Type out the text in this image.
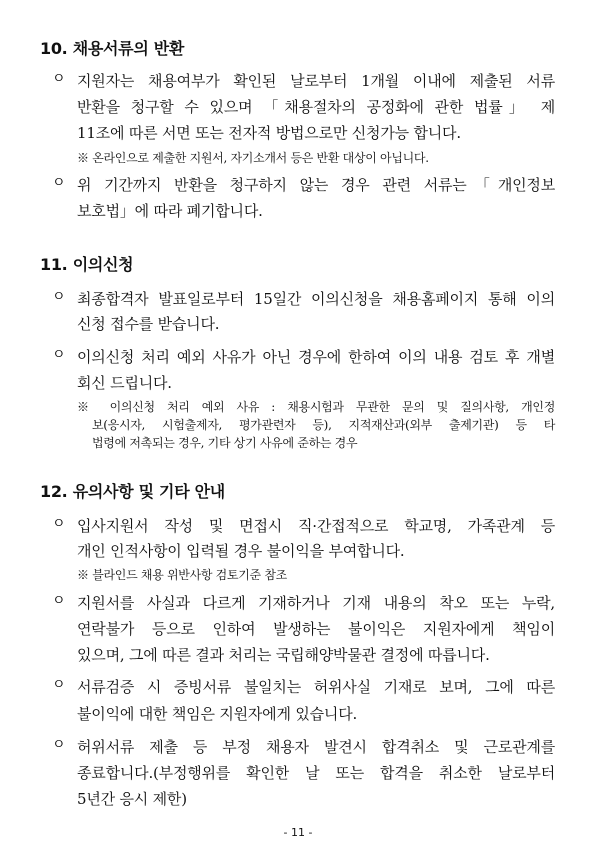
10. 채용서류의 반환
ㅇ 지원자는 채용여부가 확인된 날로부터 1개월 이내에 제출된 서류
반환을 청구할 수 있으며 「채용절차의 공정화에 관한 법률」 제
11조에 따른 서면 또는 전자적 방법으로만 신청가능 합니다.
※ 온라인으로 제출한 지원서, 자기소개서 등은 반환 대상이 아닙니다.
ㅇ 위 기간까지 반환을 청구하지 않는 경우 관련 서류는「개인정보
보호법」에 따라 폐기합니다.
11. 이의신청
ㅇ 최종합격자 발표일로부터 15일간 이의신청을 채용홈페이지 통해 이의
신청 접수를 받습니다.
ㅇ 이의신청 처리 예외 사유가 아닌 경우에 한하여 이의 내용 검토 후 개별
회신 드립니다.
※ 이의신청 처리 예외 사유 : 채용시험과 무관한 문의 및 질의사항, 개인정
보(응시자, 시험출제자, 평가관련자 등), 지적재산과(외부 출제기관) 등 타
법령에 저촉되는 경우, 기타 상기 사유에 준하는 경우
12. 유의사항 및 기타 안내
ㅇ 입사지원서 작성 및 면접시 직·간접적으로 학교명, 가족관계 등
개인 인적사항이 입력될 경우 불이익을 부여합니다.
※ 블라인드 채용 위반사항 검토기준 참조
ㅇ 지원서를 사실과 다르게 기재하거나 기재 내용의 착오 또는 누락,
연락불가 등으로 인하여 발생하는 불이익은 지원자에게 책임이
있으며, 그에 따른 결과 처리는 국립해양박물관 결정에 따릅니다.
ㅇ 서류검증 시 증빙서류 불일치는 허위사실 기재로 보며, 그에 따른
불이익에 대한 책임은 지원자에게 있습니다.
ㅇ 허위서류 제출 등 부정 채용자 발견시 합격취소 및 근로관계를
종료합니다.(부정행위를 확인한 날 또는 합격을 취소한 날로부터
5년간 응시 제한)
- 11 -
